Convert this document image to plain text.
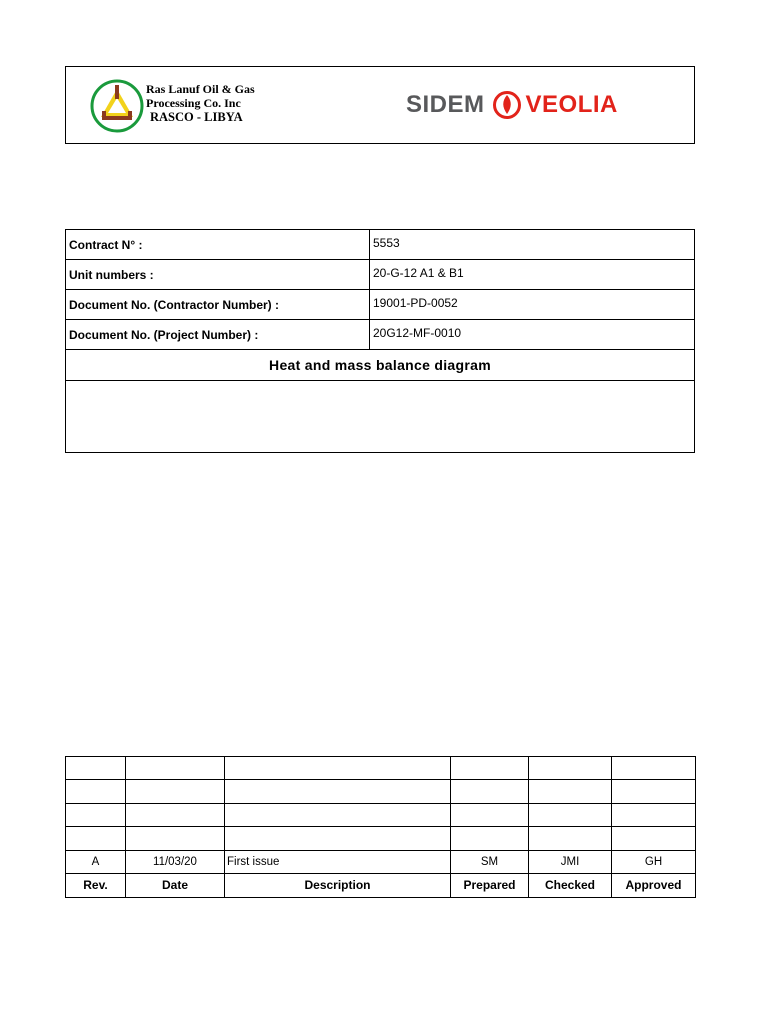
Ras Lanuf Oil & Gas
Processing Co. Inc
RASCO - LIBYA	SIDEM VEOLIA
Contract N° :	5553
Unit numbers :	20-G-12 A1 & B1
Document No. (Contractor Number) :	19001-PD-0052
Document No. (Project Number) :	20G12-MF-0010
Heat and mass balance diagram	

A	11/03/20	First issue	SM	JMI	GH
Rev.	Date	Description	Prepared	Checked	Approved
